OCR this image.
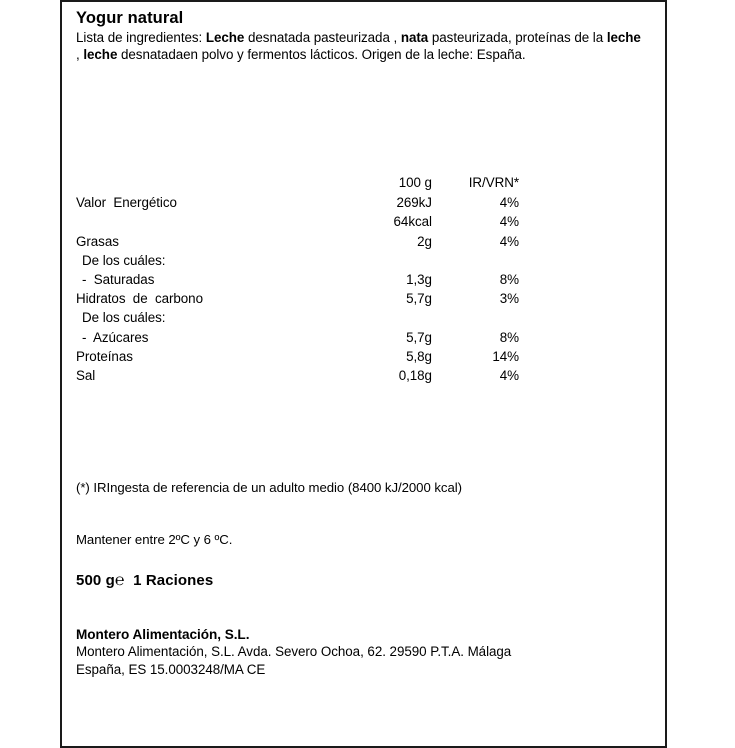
Yogur natural

Lista de ingredientes: Leche desnatada pasteurizada , nata pasteurizada, proteínas de la leche , leche desnatadaen polvo y fermentos lácticos. Origen de la leche: España.

	100 g	IR/VRN*
Valor  Energético	269kJ	4%
	64kcal	4%
Grasas	2g	4%
De los cuáles:		
-  Saturadas	1,3g	8%
Hidratos  de  carbono	5,7g	3%
De los cuáles:		
-  Azúcares	5,7g	8%
Proteínas	5,8g	14%
Sal	0,18g	4%

(*) IRIngesta de referencia de un adulto medio (8400 kJ/2000 kcal)

Mantener entre 2ºC y 6 ºC.

500 g℮ 1 Raciones

Montero Alimentación, S.L.

Montero Alimentación, S.L. Avda. Severo Ochoa, 62. 29590 P.T.A. Málaga

España, ES 15.0003248/MA CE
